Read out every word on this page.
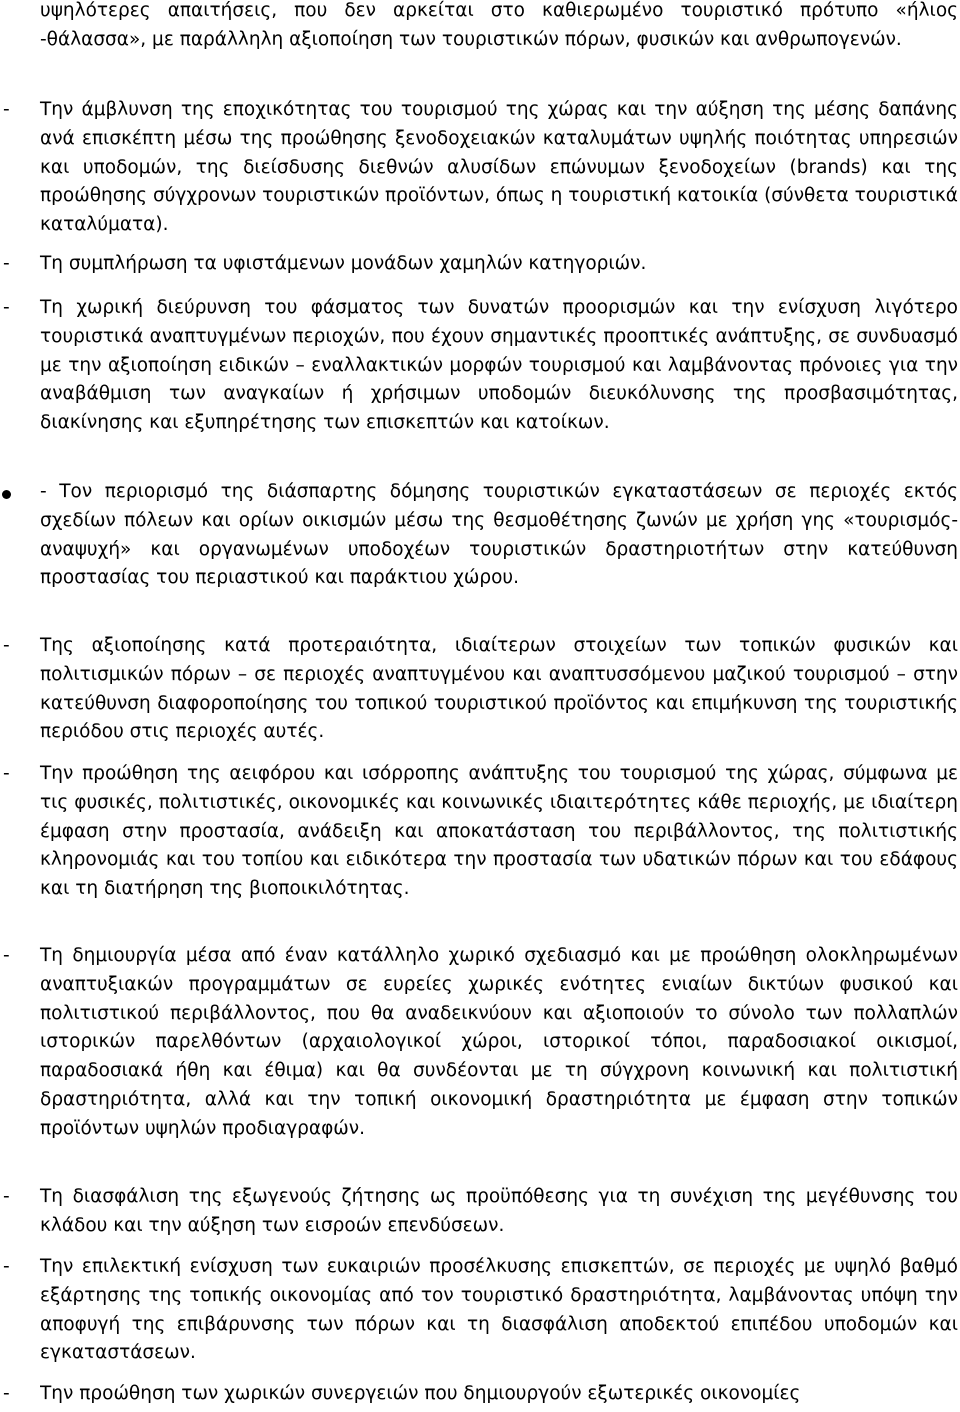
υψηλότερες απαιτήσεις, που δεν αρκείται στο καθιερωμένο τουριστικό πρότυπο «ήλιος -θάλασσα», με παράλληλη αξιοποίηση των τουριστικών πόρων, φυσικών και ανθρωπογενών.

- Την άμβλυνση της εποχικότητας του τουρισμού της χώρας και την αύξηση της μέσης δαπάνης ανά επισκέπτη μέσω της προώθησης ξενοδοχειακών καταλυμάτων υψηλής ποιότητας υπηρεσιών και υποδομών, της διείσδυσης διεθνών αλυσίδων επώνυμων ξενοδοχείων (brands) και της προώθησης σύγχρονων τουριστικών προϊόντων, όπως η τουριστική κατοικία (σύνθετα τουριστικά καταλύματα).

- Τη συμπλήρωση τα υφιστάμενων μονάδων χαμηλών κατηγοριών.

- Τη χωρική διεύρυνση του φάσματος των δυνατών προορισμών και την ενίσχυση λιγότερο τουριστικά αναπτυγμένων περιοχών, που έχουν σημαντικές προοπτικές ανάπτυξης, σε συνδυασμό με την αξιοποίηση ειδικών – εναλλακτικών μορφών τουρισμού και λαμβάνοντας πρόνοιες για την αναβάθμιση των αναγκαίων ή χρήσιμων υποδομών διευκόλυνσης της προσβασιμότητας, διακίνησης και εξυπηρέτησης των επισκεπτών και κατοίκων.

- Τον περιορισμό της διάσπαρτης δόμησης τουριστικών εγκαταστάσεων σε περιοχές εκτός σχεδίων πόλεων και ορίων οικισμών μέσω της θεσμοθέτησης ζωνών με χρήση γης «τουρισμός-αναψυχή» και οργανωμένων υποδοχέων τουριστικών δραστηριοτήτων στην κατεύθυνση προστασίας του περιαστικού και παράκτιου χώρου.

- Της αξιοποίησης κατά προτεραιότητα, ιδιαίτερων στοιχείων των τοπικών φυσικών και πολιτισμικών πόρων – σε περιοχές αναπτυγμένου και αναπτυσσόμενου μαζικού τουρισμού – στην κατεύθυνση διαφοροποίησης του τοπικού τουριστικού προϊόντος και επιμήκυνση της τουριστικής περιόδου στις περιοχές αυτές.

- Την προώθηση της αειφόρου και ισόρροπης ανάπτυξης του τουρισμού της χώρας, σύμφωνα με τις φυσικές, πολιτιστικές, οικονομικές και κοινωνικές ιδιαιτερότητες κάθε περιοχής, με ιδιαίτερη έμφαση στην προστασία, ανάδειξη και αποκατάσταση του περιβάλλοντος, της πολιτιστικής κληρονομιάς και του τοπίου και ειδικότερα την προστασία των υδατικών πόρων και του εδάφους και τη διατήρηση της βιοποικιλότητας.

- Τη δημιουργία μέσα από έναν κατάλληλο χωρικό σχεδιασμό και με προώθηση ολοκληρωμένων αναπτυξιακών προγραμμάτων σε ευρείες χωρικές ενότητες ενιαίων δικτύων φυσικού και πολιτιστικού περιβάλλοντος, που θα αναδεικνύουν και αξιοποιούν το σύνολο των πολλαπλών ιστορικών παρελθόντων (αρχαιολογικοί χώροι, ιστορικοί τόποι, παραδοσιακοί οικισμοί, παραδοσιακά ήθη και έθιμα) και θα συνδέονται με τη σύγχρονη κοινωνική και πολιτιστική δραστηριότητα, αλλά και την τοπική οικονομική δραστηριότητα με έμφαση στην τοπικών προϊόντων υψηλών προδιαγραφών.

- Τη διασφάλιση της εξωγενούς ζήτησης ως προϋπόθεσης για τη συνέχιση της μεγέθυνσης του κλάδου και την αύξηση των εισροών επενδύσεων.

- Την επιλεκτική ενίσχυση των ευκαιριών προσέλκυσης επισκεπτών, σε περιοχές με υψηλό βαθμό εξάρτησης της τοπικής οικονομίας από τον τουριστικό δραστηριότητα, λαμβάνοντας υπόψη την αποφυγή της επιβάρυνσης των πόρων και τη διασφάλιση αποδεκτού επιπέδου υποδομών και εγκαταστάσεων.

- Την προώθηση των χωρικών συνεργειών που δημιουργούν εξωτερικές οικονομίες
